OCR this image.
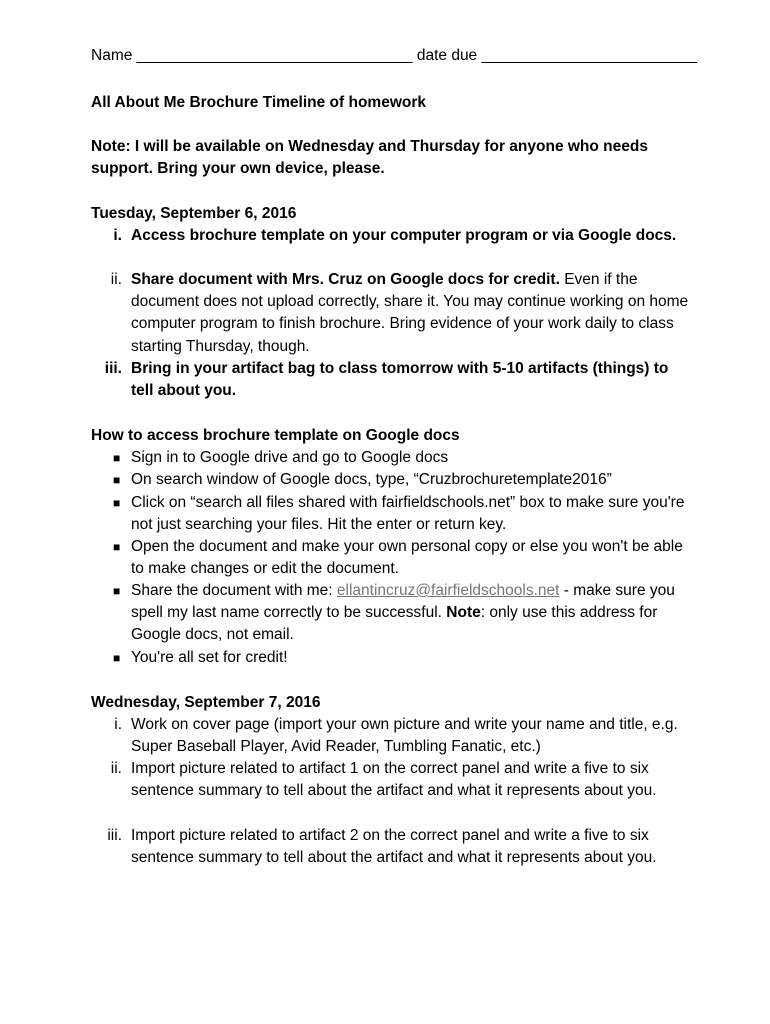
Name ________________________________ date due _________________________
All About Me Brochure Timeline of homework
Note: I will be available on Wednesday and Thursday for anyone who needs
support. Bring your own device, please.
Tuesday, September 6, 2016
i. Access brochure template on your computer program or via Google docs.
ii. Share document with Mrs. Cruz on Google docs for credit. Even if the document does not upload correctly, share it. You may continue working on home computer program to finish brochure. Bring evidence of your work daily to class starting Thursday, though.
iii. Bring in your artifact bag to class tomorrow with 5-10 artifacts (things) to tell about you.
How to access brochure template on Google docs
■ Sign in to Google drive and go to Google docs
■ On search window of Google docs, type, “Cruzbrochuretemplate2016”
■ Click on “search all files shared with fairfieldschools.net” box to make sure you're not just searching your files. Hit the enter or return key.
■ Open the document and make your own personal copy or else you won't be able to make changes or edit the document.
■ Share the document with me: ellantincruz@fairfieldschools.net - make sure you spell my last name correctly to be successful. Note: only use this address for Google docs, not email.
■ You're all set for credit!
Wednesday, September 7, 2016
i. Work on cover page (import your own picture and write your name and title, e.g. Super Baseball Player, Avid Reader, Tumbling Fanatic, etc.)
ii. Import picture related to artifact 1 on the correct panel and write a five to six sentence summary to tell about the artifact and what it represents about you.
iii. Import picture related to artifact 2 on the correct panel and write a five to six sentence summary to tell about the artifact and what it represents about you.
